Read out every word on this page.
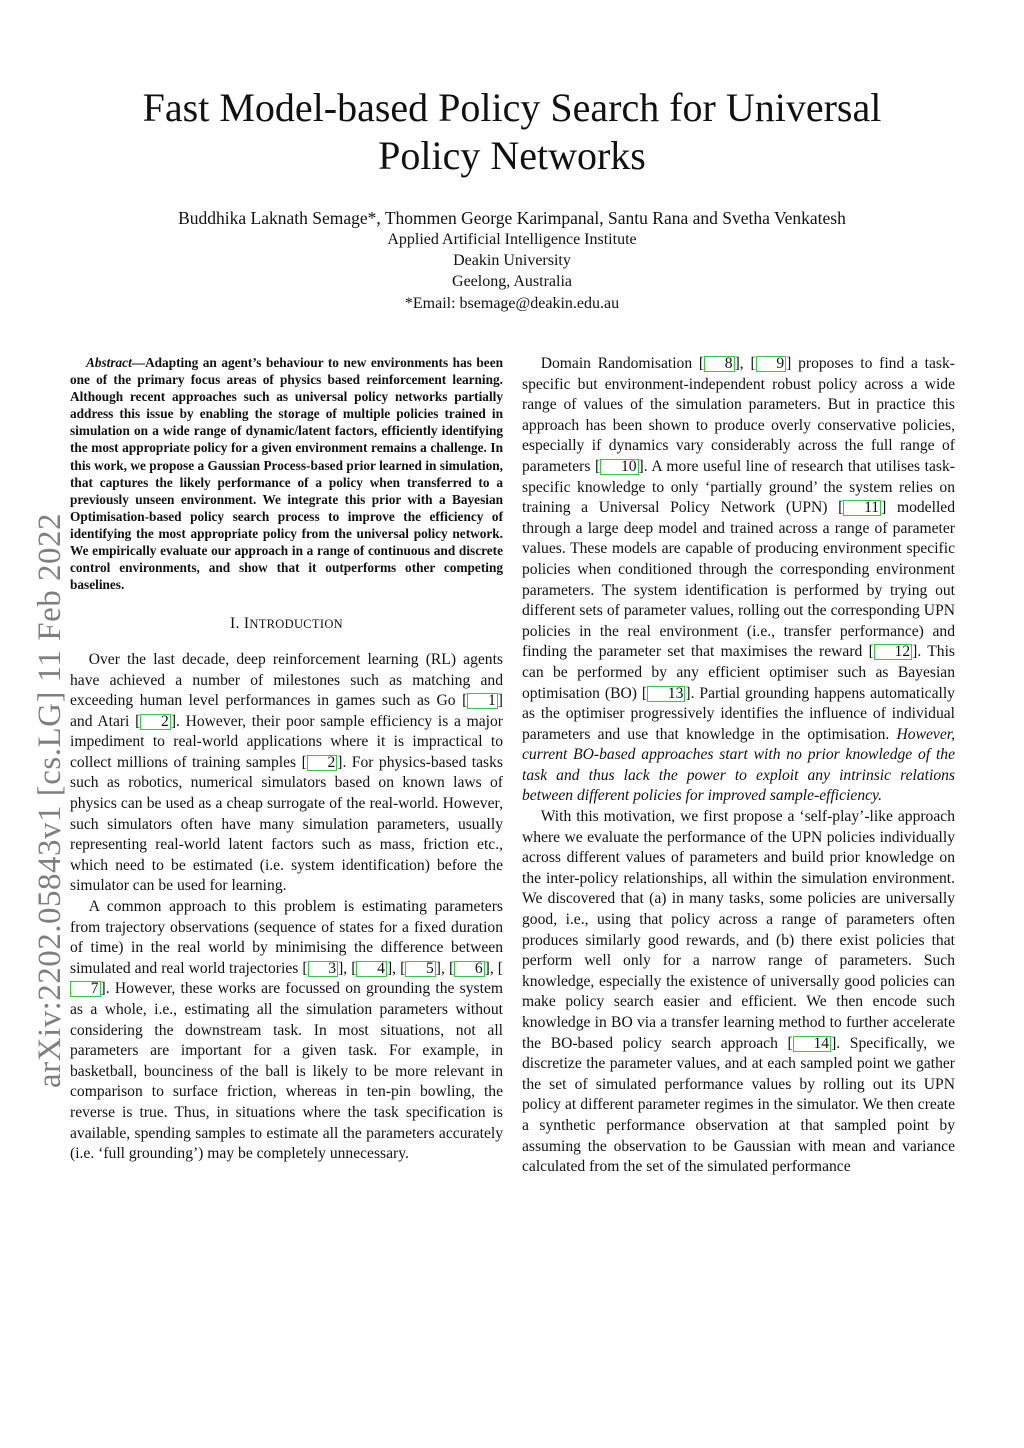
arXiv:2202.05843v1 [cs.LG] 11 Feb 2022
Fast Model-based Policy Search for Universal
Policy Networks
Buddhika Laknath Semage*, Thommen George Karimpanal, Santu Rana and Svetha Venkatesh
Applied Artificial Intelligence Institute
Deakin University
Geelong, Australia
*Email: bsemage@deakin.edu.au

Abstract—Adapting an agent’s behaviour to new environments has been one of the primary focus areas of physics based reinforcement learning. Although recent approaches such as universal policy networks partially address this issue by enabling the storage of multiple policies trained in simulation on a wide range of dynamic/latent factors, efficiently identifying the most appropriate policy for a given environment remains a challenge. In this work, we propose a Gaussian Process-based prior learned in simulation, that captures the likely performance of a policy when transferred to a previously unseen environment. We integrate this prior with a Bayesian Optimisation-based policy search process to improve the efficiency of identifying the most appropriate policy from the universal policy network. We empirically evaluate our approach in a range of continuous and discrete control environments, and show that it outperforms other competing baselines.

I. INTRODUCTION

Over the last decade, deep reinforcement learning (RL) agents have achieved a number of milestones such as matching and exceeding human level performances in games such as Go [ 1 ] and Atari [ 2 ]. However, their poor sample efficiency is a major impediment to real-world applications where it is impractical to collect millions of training samples [ 2 ]. For physics-based tasks such as robotics, numerical simulators based on known laws of physics can be used as a cheap surrogate of the real-world. However, such simulators often have many simulation parameters, usually representing real-world latent factors such as mass, friction etc., which need to be estimated (i.e. system identification) before the simulator can be used for learning.

A common approach to this problem is estimating parameters from trajectory observations (sequence of states for a fixed duration of time) in the real world by minimising the difference between simulated and real world trajectories [ 3 ], [ 4 ], [ 5 ], [ 6 ], [7 ]. However, these works are focussed on grounding the system as a whole, i.e., estimating all the simulation parameters without considering the downstream task. In most situations, not all parameters are important for a given task. For example, in basketball, bounciness of the ball is likely to be more relevant in comparison to surface friction, whereas in ten-pin bowling, the reverse is true. Thus, in situations where the task specification is available, spending samples to estimate all the parameters accurately (i.e. ‘full grounding’) may be completely unnecessary.

Domain Randomisation [ 8 ], [ 9 ] proposes to find a task-specific but environment-independent robust policy across a wide range of values of the simulation parameters. But in practice this approach has been shown to produce overly conservative policies, especially if dynamics vary considerably across the full range of parameters [ 10 ]. A more useful line of research that utilises task-specific knowledge to only ‘partially ground’ the system relies on training a Universal Policy Network (UPN) [ 11 ] modelled through a large deep model and trained across a range of parameter values. These models are capable of producing environment specific policies when conditioned through the corresponding environment parameters. The system identification is performed by trying out different sets of parameter values, rolling out the corresponding UPN policies in the real environment (i.e., transfer performance) and finding the parameter set that maximises the reward [ 12 ]. This can be performed by any efficient optimiser such as Bayesian optimisation (BO) [ 13 ]. Partial grounding happens automatically as the optimiser progressively identifies the influence of individual parameters and use that knowledge in the optimisation. However, current BO-based approaches start with no prior knowledge of the task and thus lack the power to exploit any intrinsic relations between different policies for improved sample-efficiency.

With this motivation, we first propose a ‘self-play’-like approach where we evaluate the performance of the UPN policies individually across different values of parameters and build prior knowledge on the inter-policy relationships, all within the simulation environment. We discovered that (a) in many tasks, some policies are universally good, i.e., using that policy across a range of parameters often produces similarly good rewards, and (b) there exist policies that perform well only for a narrow range of parameters. Such knowledge, especially the existence of universally good policies can make policy search easier and efficient. We then encode such knowledge in BO via a transfer learning method to further accelerate the BO-based policy search approach [ 14 ]. Specifically, we discretize the parameter values, and at each sampled point we gather the set of simulated performance values by rolling out its UPN policy at different parameter regimes in the simulator. We then create a synthetic performance observation at that sampled point by assuming the observation to be Gaussian with mean and variance calculated from the set of the simulated performance
